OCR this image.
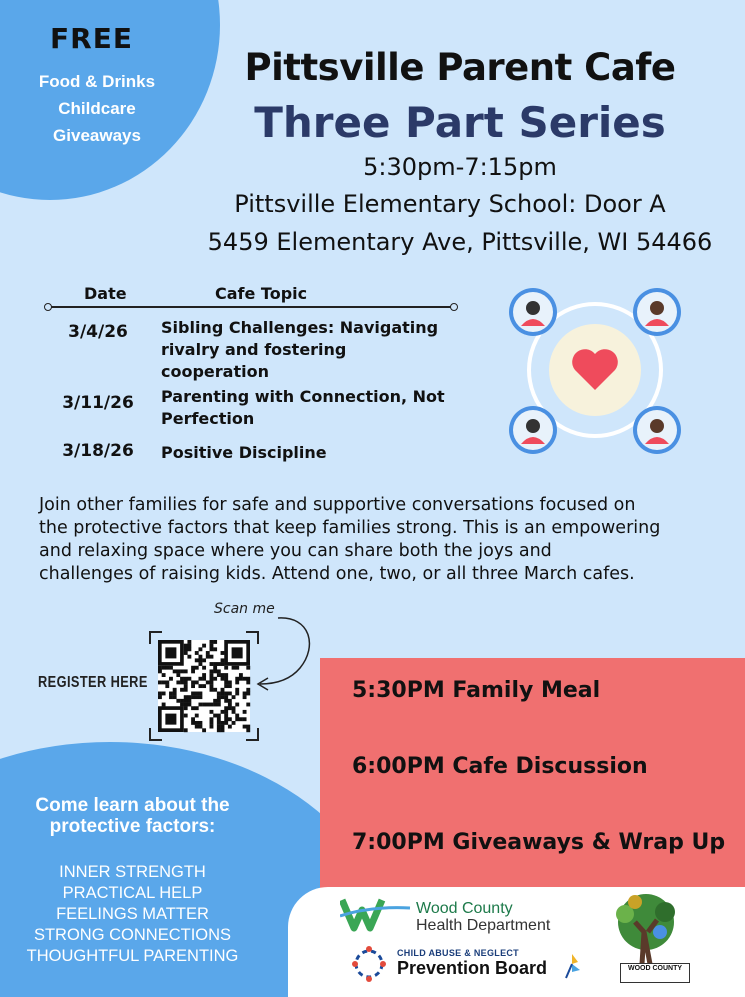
FREE
Food & Drinks
Childcare
Giveaways
Pittsville Parent Cafe
Three Part Series
5:30pm-7:15pm
Pittsville Elementary School: Door A
5459 Elementary Ave, Pittsville, WI 54466
Date	Cafe Topic
3/4/26	Sibling Challenges: Navigating
rivalry and fostering
cooperation
3/11/26	Parenting with Connection, Not
Perfection
3/18/26	Positive Discipline
Join other families for safe and supportive conversations focused on
the protective factors that keep families strong. This is an empowering
and relaxing space where you can share both the joys and
challenges of raising kids. Attend one, two, or all three March cafes.
REGISTER HERE
Scan me
Come learn about the
protective factors:
INNER STRENGTH
PRACTICAL HELP
FEELINGS MATTER
STRONG CONNECTIONS
THOUGHTFUL PARENTING
5:30PM Family Meal
6:00PM Cafe Discussion
7:00PM Giveaways & Wrap Up
Wood County
Health Department
CHILD ABUSE & NEGLECT
Prevention Board	WOOD COUNTY
